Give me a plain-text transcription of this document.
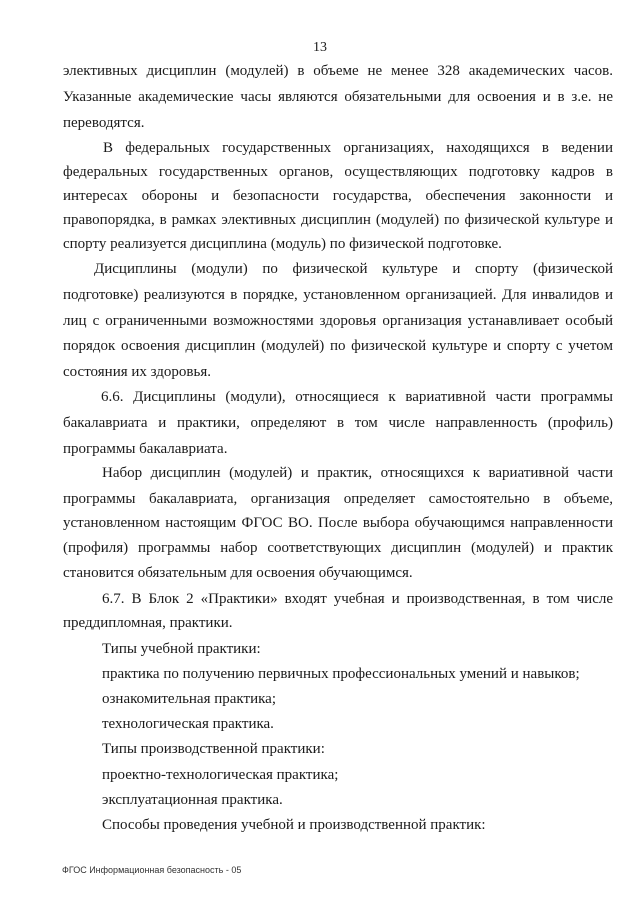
13
элективных дисциплин (модулей) в объеме не менее 328 академических часов.
Указанные академические часы являются обязательными для освоения и в з.е. не
переводятся.
В федеральных государственных организациях, находящихся в ведении
федеральных государственных органов, осуществляющих подготовку кадров в
интересах обороны и безопасности государства, обеспечения законности и
правопорядка, в рамках элективных дисциплин (модулей) по физической культуре и
спорту реализуется дисциплина (модуль) по физической подготовке.
Дисциплины (модули) по физической культуре и спорту (физической
подготовке) реализуются в порядке, установленном организацией. Для инвалидов и
лиц с ограниченными возможностями здоровья организация устанавливает особый
порядок освоения дисциплин (модулей) по физической культуре и спорту с учетом
состояния их здоровья.
6.6. Дисциплины (модули), относящиеся к вариативной части программы
бакалавриата и практики, определяют в том числе направленность (профиль)
программы бакалавриата.
Набор дисциплин (модулей) и практик, относящихся к вариативной части
программы бакалавриата, организация определяет самостоятельно в объеме,
установленном настоящим ФГОС ВО. После выбора обучающимся направленности
(профиля) программы набор соответствующих дисциплин (модулей) и практик
становится обязательным для освоения обучающимся.
6.7. В Блок 2 «Практики» входят учебная и производственная, в том числе
преддипломная, практики.
Типы учебной практики:
практика по получению первичных профессиональных умений и навыков;
ознакомительная практика;
технологическая практика.
Типы производственной практики:
проектно-технологическая практика;
эксплуатационная практика.
Способы проведения учебной и производственной практик:
ФГОС Информационная безопасность - 05
